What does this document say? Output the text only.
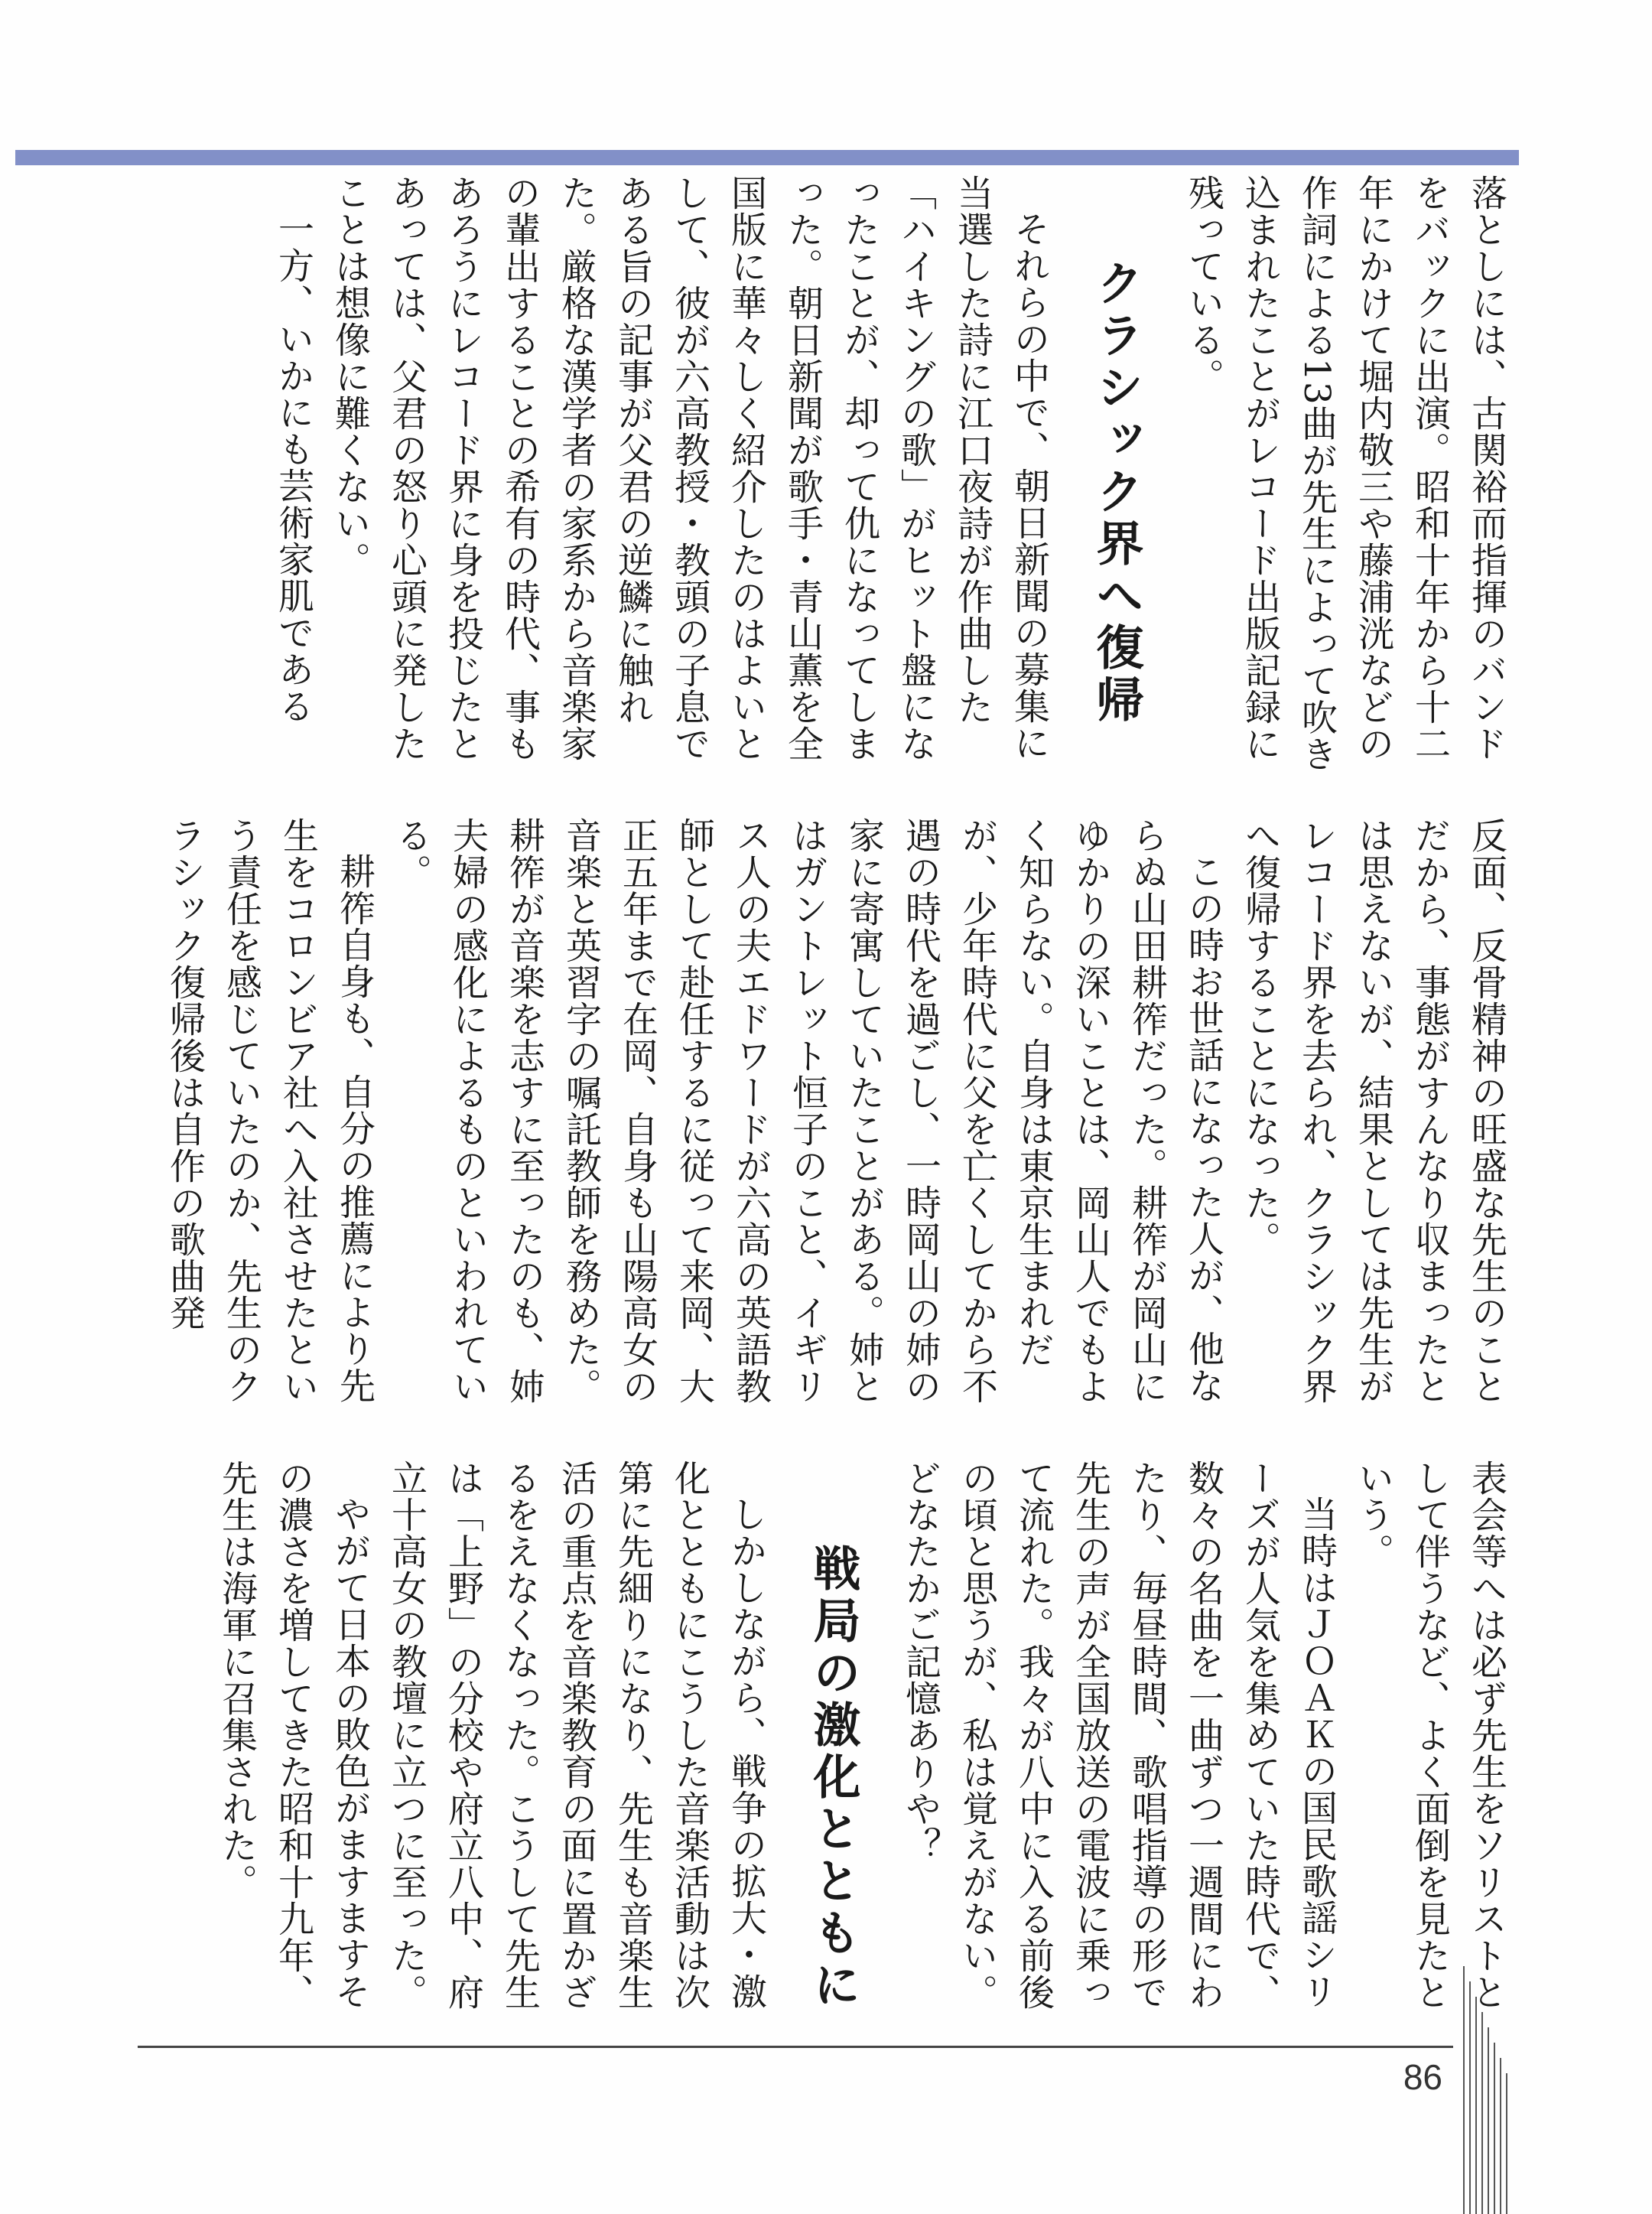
落としには、古関裕而指揮のバンドをバックに出演。昭和十年から十二年にかけて堀内敬三や藤浦洸などの作詞による13曲が先生によって吹き込まれたことがレコード出版記録に残っている。

クラシック界へ復帰

それらの中で、朝日新聞の募集に当選した詩に江口夜詩が作曲した「ハイキングの歌」がヒット盤になったことが、却って仇になってしまった。朝日新聞が歌手・青山薫を全国版に華々しく紹介したのはよいとして、彼が六高教授・教頭の子息である旨の記事が父君の逆鱗に触れた。厳格な漢学者の家系から音楽家の輩出することの希有の時代、事もあろうにレコード界に身を投じたとあっては、父君の怒り心頭に発したことは想像に難くない。

一方、いかにも芸術家肌である

反面、反骨精神の旺盛な先生のことだから、事態がすんなり収まったとは思えないが、結果としては先生がレコード界を去られ、クラシック界へ復帰することになった。

この時お世話になった人が、他ならぬ山田耕筰だった。耕筰が岡山にゆかりの深いことは、岡山人でもよく知らない。自身は東京生まれだが、少年時代に父を亡くしてから不遇の時代を過ごし、一時岡山の姉の家に寄寓していたことがある。姉とはガントレット恒子のこと、イギリス人の夫エドワードが六高の英語教師として赴任するに従って来岡、大正五年まで在岡、自身も山陽高女の音楽と英習字の嘱託教師を務めた。耕筰が音楽を志すに至ったのも、姉夫婦の感化によるものといわれている。

耕筰自身も、自分の推薦により先生をコロンビア社へ入社させたという責任を感じていたのか、先生のクラシック復帰後は自作の歌曲発

表会等へは必ず先生をソリストとして伴うなど、よく面倒を見たという。

当時はＪＯＡＫの国民歌謡シリーズが人気を集めていた時代で、数々の名曲を一曲ずつ一週間にわたり、毎昼時間、歌唱指導の形で先生の声が全国放送の電波に乗って流れた。我々が八中に入る前後の頃と思うが、私は覚えがない。どなたかご記憶ありや？

戦局の激化とともに

しかしながら、戦争の拡大・激化とともにこうした音楽活動は次第に先細りになり、先生も音楽生活の重点を音楽教育の面に置かざるをえなくなった。こうして先生は「上野」の分校や府立八中、府立十高女の教壇に立つに至った。

やがて日本の敗色がますますその濃さを増してきた昭和十九年、先生は海軍に召集された。

86
